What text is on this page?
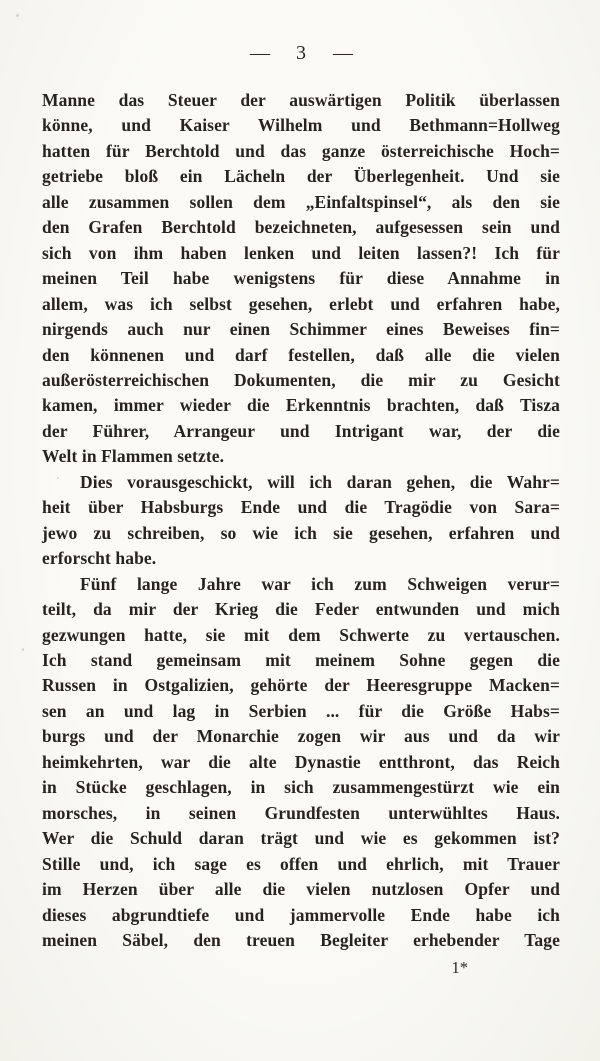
— 3 —
Manne das Steuer der auswärtigen Politik überlassen
könne, und Kaiser Wilhelm und Bethmann=Hollweg
hatten für Berchtold und das ganze österreichische Hoch=
getriebe bloß ein Lächeln der Überlegenheit. Und sie
alle zusammen sollen dem „Einfaltspinsel“, als den sie
den Grafen Berchtold bezeichneten, aufgesessen sein und
sich von ihm haben lenken und leiten lassen?! Ich für
meinen Teil habe wenigstens für diese Annahme in
allem, was ich selbst gesehen, erlebt und erfahren habe,
nirgends auch nur einen Schimmer eines Beweises fin=
den könnenen und darf festellen, daß alle die vielen
außerösterreichischen Dokumenten, die mir zu Gesicht
kamen, immer wieder die Erkenntnis brachten, daß Tisza
der Führer, Arrangeur und Intrigant war, der die
Welt in Flammen setzte.
Dies vorausgeschickt, will ich daran gehen, die Wahr=
heit über Habsburgs Ende und die Tragödie von Sara=
jewo zu schreiben, so wie ich sie gesehen, erfahren und
erforscht habe.
Fünf lange Jahre war ich zum Schweigen verur=
teilt, da mir der Krieg die Feder entwunden und mich
gezwungen hatte, sie mit dem Schwerte zu vertauschen.
Ich stand gemeinsam mit meinem Sohne gegen die
Russen in Ostgalizien, gehörte der Heeresgruppe Macken=
sen an und lag in Serbien ... für die Größe Habs=
burgs und der Monarchie zogen wir aus und da wir
heimkehrten, war die alte Dynastie entthront, das Reich
in Stücke geschlagen, in sich zusammengestürzt wie ein
morsches, in seinen Grundfesten unterwühltes Haus.
Wer die Schuld daran trägt und wie es gekommen ist?
Stille und, ich sage es offen und ehrlich, mit Trauer
im Herzen über alle die vielen nutzlosen Opfer und
dieses abgrundtiefe und jammervolle Ende habe ich
meinen Säbel, den treuen Begleiter erhebender Tage
1*
